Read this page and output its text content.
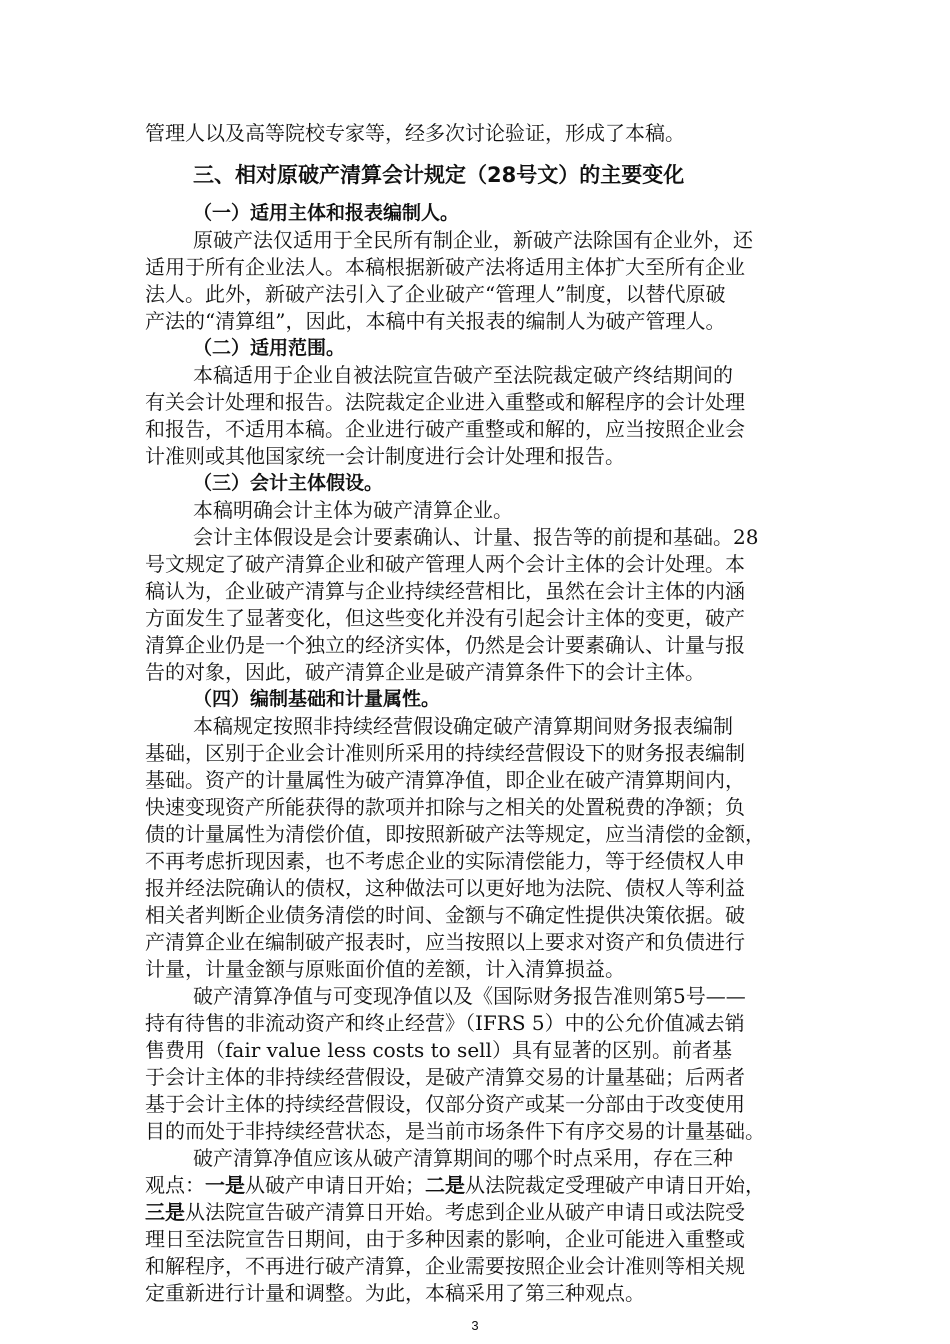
管理人以及高等院校专家等，经多次讨论验证，形成了本稿。
三、相对原破产清算会计规定（28号文）的主要变化
（一）适用主体和报表编制人。
原破产法仅适用于全民所有制企业，新破产法除国有企业外，还
适用于所有企业法人。本稿根据新破产法将适用主体扩大至所有企业
法人。此外，新破产法引入了企业破产“管理人”制度，以替代原破
产法的“清算组”，因此，本稿中有关报表的编制人为破产管理人。
（二）适用范围。
本稿适用于企业自被法院宣告破产至法院裁定破产终结期间的
有关会计处理和报告。法院裁定企业进入重整或和解程序的会计处理
和报告，不适用本稿。企业进行破产重整或和解的，应当按照企业会
计准则或其他国家统一会计制度进行会计处理和报告。
（三）会计主体假设。
本稿明确会计主体为破产清算企业。
会计主体假设是会计要素确认、计量、报告等的前提和基础。28
号文规定了破产清算企业和破产管理人两个会计主体的会计处理。本
稿认为，企业破产清算与企业持续经营相比，虽然在会计主体的内涵
方面发生了显著变化，但这些变化并没有引起会计主体的变更，破产
清算企业仍是一个独立的经济实体，仍然是会计要素确认、计量与报
告的对象，因此，破产清算企业是破产清算条件下的会计主体。
（四）编制基础和计量属性。
本稿规定按照非持续经营假设确定破产清算期间财务报表编制
基础，区别于企业会计准则所采用的持续经营假设下的财务报表编制
基础。资产的计量属性为破产清算净值，即企业在破产清算期间内，
快速变现资产所能获得的款项并扣除与之相关的处置税费的净额；负
债的计量属性为清偿价值，即按照新破产法等规定，应当清偿的金额，
不再考虑折现因素，也不考虑企业的实际清偿能力，等于经债权人申
报并经法院确认的债权，这种做法可以更好地为法院、债权人等利益
相关者判断企业债务清偿的时间、金额与不确定性提供决策依据。破
产清算企业在编制破产报表时，应当按照以上要求对资产和负债进行
计量，计量金额与原账面价值的差额，计入清算损益。
破产清算净值与可变现净值以及《国际财务报告准则第5号——
持有待售的非流动资产和终止经营》（IFRS 5）中的公允价值减去销
售费用（fair value less costs to sell）具有显著的区别。前者基
于会计主体的非持续经营假设，是破产清算交易的计量基础；后两者
基于会计主体的持续经营假设，仅部分资产或某一分部由于改变使用
目的而处于非持续经营状态，是当前市场条件下有序交易的计量基础。
破产清算净值应该从破产清算期间的哪个时点采用，存在三种
观点：一是从破产申请日开始；二是从法院裁定受理破产申请日开始，
三是从法院宣告破产清算日开始。考虑到企业从破产申请日或法院受
理日至法院宣告日期间，由于多种因素的影响，企业可能进入重整或
和解程序，不再进行破产清算，企业需要按照企业会计准则等相关规
定重新进行计量和调整。为此，本稿采用了第三种观点。
3
